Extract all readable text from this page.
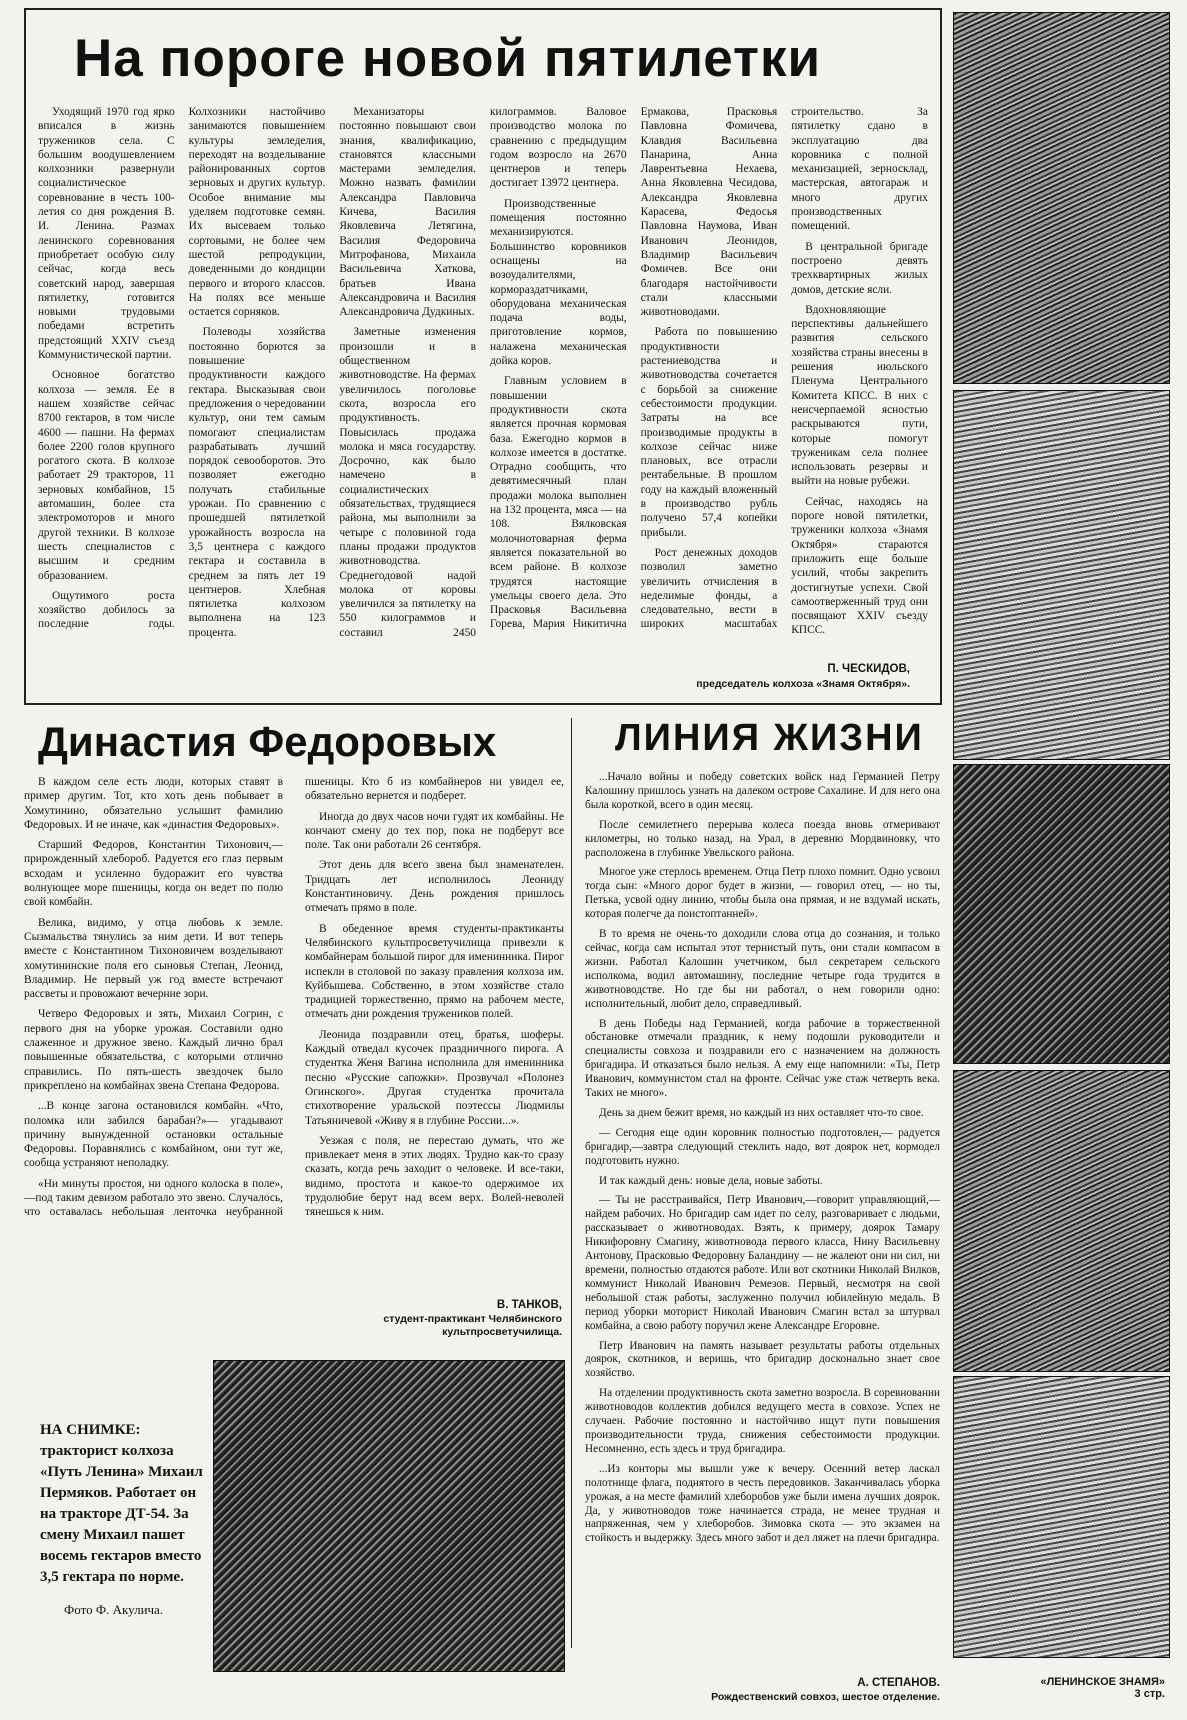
На пороге новой пятилетки

Уходящий 1970 год ярко вписался в жизнь тружеников села. С большим воодушевлением колхозники развернули социалистическое соревнование в честь 100-летия со дня рождения В. И. Ленина. Размах ленинского соревнования приобретает особую силу сейчас, когда весь советский народ, завершая пятилетку, готовится новыми трудовыми победами встретить предстоящий XXIV съезд Коммунистической партии.

Основное богатство колхоза — земля. Ее в нашем хозяйстве сейчас 8700 гектаров, в том числе 4600 — пашни. На фермах более 2200 голов крупного рогатого скота. В колхозе работает 29 тракторов, 11 зерновых комбайнов, 15 автомашин, более ста электромоторов и много другой техники. В колхозе шесть специалистов с высшим и средним образованием.

Ощутимого роста хозяйство добилось за последние годы. Колхозники настойчиво занимаются повышением культуры земледелия, переходят на возделывание районированных сортов зерновых и других культур. Особое внимание мы уделяем подготовке семян. Их высеваем только сортовыми, не более чем шестой репродукции, доведенными до кондиции первого и второго классов. На полях все меньше остается сорняков.

Полеводы хозяйства постоянно борются за повышение продуктивности каждого гектара. Высказывая свои предложения о чередовании культур, они тем самым помогают специалистам разрабатывать лучший порядок севооборотов. Это позволяет ежегодно получать стабильные урожаи. По сравнению с прошедшей пятилеткой урожайность возросла на 3,5 центнера с каждого гектара и составила в среднем за пять лет 19 центнеров. Хлебная пятилетка колхозом выполнена на 123 процента.

Механизаторы постоянно повышают свои знания, квалификацию, становятся классными мастерами земледелия. Можно назвать фамилии Александра Павловича Кичева, Василия Яковлевича Летягина, Василия Федоровича Митрофанова, Михаила Васильевича Хаткова, братьев Ивана Александровича и Василия Александровича Дудкиных.

Заметные изменения произошли и в общественном животноводстве. На фермах увеличилось поголовье скота, возросла его продуктивность. Повысилась продажа молока и мяса государству. Досрочно, как было намечено в социалистических обязательствах, трудящиеся района, мы выполнили за четыре с половиной года планы продажи продуктов животноводства. Среднегодовой надой молока от коровы увеличился за пятилетку на 550 килограммов и составил 2450 килограммов. Валовое производство молока по сравнению с предыдущим годом возросло на 2670 центнеров и теперь достигает 13972 центнера.

Производственные помещения постоянно механизируются. Большинство коровников оснащены на возоудалителями, кормораздатчиками, оборудована механическая подача воды, приготовление кормов, налажена механическая дойка коров.

Главным условием в повышении продуктивности скота является прочная кормовая база. Ежегодно кормов в колхозе имеется в достатке. Отрадно сообщить, что девятимесячный план продажи молока выполнен на 132 процента, мяса — на 108. Вялковская молочнотоварная ферма является показательной во всем районе. В колхозе трудятся настоящие умельцы своего дела. Это Прасковья Васильевна Горева, Мария Никитична Ермакова, Прасковья Павловна Фомичева, Клавдия Васильевна Панарина, Анна Лаврентьевна Нехаева, Анна Яковлевна Чесидова, Александра Яковлевна Карасева, Федосья Павловна Наумова, Иван Иванович Леонидов, Владимир Васильевич Фомичев. Все они благодаря настойчивости стали классными животноводами.

Работа по повышению продуктивности растениеводства и животноводства сочетается с борьбой за снижение себестоимости продукции. Затраты на все производимые продукты в колхозе сейчас ниже плановых, все отрасли рентабельные. В прошлом году на каждый вложенный в производство рубль получено 57,4 копейки прибыли.

Рост денежных доходов позволил заметно увеличить отчисления в неделимые фонды, а следовательно, вести в широких масштабах строительство. За пятилетку сдано в эксплуатацию два коровника с полной механизацией, зерносклад, мастерская, автогараж и много других производственных помещений.

В центральной бригаде построено девять трехквартирных жилых домов, детские ясли.

Вдохновляющие перспективы дальнейшего развития сельского хозяйства страны внесены в решения июльского Пленума Центрального Комитета КПСС. В них с неисчерпаемой ясностью раскрываются пути, которые помогут труженикам села полнее использовать резервы и выйти на новые рубежи.

Сейчас, находясь на пороге новой пятилетки, труженики колхоза «Знамя Октября» стараются приложить еще больше усилий, чтобы закрепить достигнутые успехи. Свой самоотверженный труд они посвящают XXIV съезду КПСС.

П. ЧЕСКИДОВ,
председатель колхоза «Знамя Октября».
Династия Федоровых

В каждом селе есть люди, которых ставят в пример другим. Тот, кто хоть день побывает в Хомутинино, обязательно услышит фамилию Федоровых. И не иначе, как «династия Федоровых».

Старший Федоров, Константин Тихонович,—прирожденный хлебороб. Радуется его глаз первым всходам и усиленно будоражит его чувства волнующее море пшеницы, когда он ведет по полю свой комбайн.

Велика, видимо, у отца любовь к земле. Сызмальства тянулись за ним дети. И вот теперь вместе с Константином Тихоновичем возделывают хомутининские поля его сыновья Степан, Леонид, Владимир. Не первый уж год вместе встречают рассветы и провожают вечерние зори.

Четверо Федоровых и зять, Михаил Согрин, с первого дня на уборке урожая. Составили одно слаженное и дружное звено. Каждый лично брал повышенные обязательства, с которыми отлично справились. По пять-шесть звездочек было прикреплено на комбайнах звена Степана Федорова.

...В конце загона остановился комбайн. «Что, поломка или забился барабан?»— угадывают причину вынужденной остановки остальные Федоровы. Поравнялись с комбайном, они тут же, сообща устраняют неполадку.

«Ни минуты простоя, ни одного колоска в поле»,—под таким девизом работало это звено. Случалось, что оставалась небольшая ленточка неубранной пшеницы. Кто б из комбайнеров ни увидел ее, обязательно вернется и подберет.

Иногда до двух часов ночи гудят их комбайны. Не кончают смену до тех пор, пока не подберут все поле. Так они работали 26 сентября.

Этот день для всего звена был знаменателен. Тридцать лет исполнилось Леониду Константиновичу. День рождения пришлось отмечать прямо в поле.

В обеденное время студенты-практиканты Челябинского культпросветучилища привезли к комбайнерам большой пирог для именинника. Пирог испекли в столовой по заказу правления колхоза им. Куйбышева. Собственно, в этом хозяйстве стало традицией торжественно, прямо на рабочем месте, отмечать дни рождения тружеников полей.

Леонида поздравили отец, братья, шоферы. Каждый отведал кусочек праздничного пирога. А студентка Женя Вагина исполнила для именинника песню «Русские сапожки». Прозвучал «Полонез Огинского». Другая студентка прочитала стихотворение уральской поэтессы Людмилы Татьяничевой «Живу я в глубине России...».

Уезжая с поля, не перестаю думать, что же привлекает меня в этих людях. Трудно как-то сразу сказать, когда речь заходит о человеке. И все-таки, видимо, простота и какое-то одержимое их трудолюбие берут над всем верх. Волей-неволей тянешься к ним.

В. ТАНКОВ,
студент-практикант Челябинского культпросветучилища.
НА СНИМКЕ: тракторист колхоза «Путь Ленина» Михаил Пермяков. Работает он на тракторе ДТ-54. За смену Михаил пашет восемь гектаров вместо 3,5 гектара по норме.
Фото Ф. Акулича.
ЛИНИЯ ЖИЗНИ

...Начало войны и победу советских войск над Германией Петру Калошину пришлось узнать на далеком острове Сахалине. И для него она была короткой, всего в один месяц.

После семилетнего перерыва колеса поезда вновь отмеривают километры, но только назад, на Урал, в деревню Мордвиновку, что расположена в глубинке Увельского района.

Многое уже стерлось временем. Отца Петр плохо помнит. Одно усвоил тогда сын: «Много дорог будет в жизни, — говорил отец, — но ты, Петька, усвой одну линию, чтобы была она прямая, и не вздумай искать, которая полегче да поистоптанней».

В то время не очень-то доходили слова отца до сознания, и только сейчас, когда сам испытал этот тернистый путь, они стали компасом в жизни. Работал Калошин учетчиком, был секретарем сельского исполкома, водил автомашину, последние четыре года трудится в животноводстве. Но где бы ни работал, о нем говорили одно: исполнительный, любит дело, справедливый.

В день Победы над Германией, когда рабочие в торжественной обстановке отмечали праздник, к нему подошли руководители и специалисты совхоза и поздравили его с назначением на должность бригадира. И отказаться было нельзя. А ему еще напомнили: «Ты, Петр Иванович, коммунистом стал на фронте. Сейчас уже стаж четверть века. Таких не много».

День за днем бежит время, но каждый из них оставляет что-то свое.

— Сегодня еще один коровник полностью подготовлен,— радуется бригадир,—завтра следующий стеклить надо, вот доярок нет, кормодел подготовить нужно.

И так каждый день: новые дела, новые заботы.

— Ты не расстраивайся, Петр Иванович,—говорит управляющий,—найдем рабочих. Но бригадир сам идет по селу, разговаривает с людьми, рассказывает о животноводах. Взять, к примеру, доярок Тамару Никифоровну Смагину, животновода первого класса, Нину Васильевну Антонову, Прасковью Федоровну Баландину — не жалеют они ни сил, ни времени, полностью отдаются работе. Или вот скотники Николай Вилков, коммунист Николай Иванович Ремезов. Первый, несмотря на свой небольшой стаж работы, заслуженно получил юбилейную медаль. В период уборки моторист Николай Иванович Смагин встал за штурвал комбайна, а свою работу поручил жене Александре Егоровне.

Петр Иванович на память называет результаты работы отдельных доярок, скотников, и веришь, что бригадир досконально знает свое хозяйство.

На отделении продуктивность скота заметно возросла. В соревновании животноводов коллектив добился ведущего места в совхозе. Успех не случаен. Рабочие постоянно и настойчиво ищут пути повышения производительности труда, снижения себестоимости продукции. Несомненно, есть здесь и труд бригадира.

...Из конторы мы вышли уже к вечеру. Осенний ветер ласкал полотнище флага, поднятого в честь передовиков. Заканчивалась уборка урожая, а на месте фамилий хлеборобов уже были имена лучших доярок. Да, у животноводов тоже начинается страда, не менее трудная и напряженная, чем у хлеборобов. Зимовка скота — это экзамен на стойкость и выдержку. Здесь много забот и дел ляжет на плечи бригадира.

А. СТЕПАНОВ.
Рождественский совхоз, шестое отделение.
«ЛЕНИНСКОЕ ЗНАМЯ»
3 стр.
